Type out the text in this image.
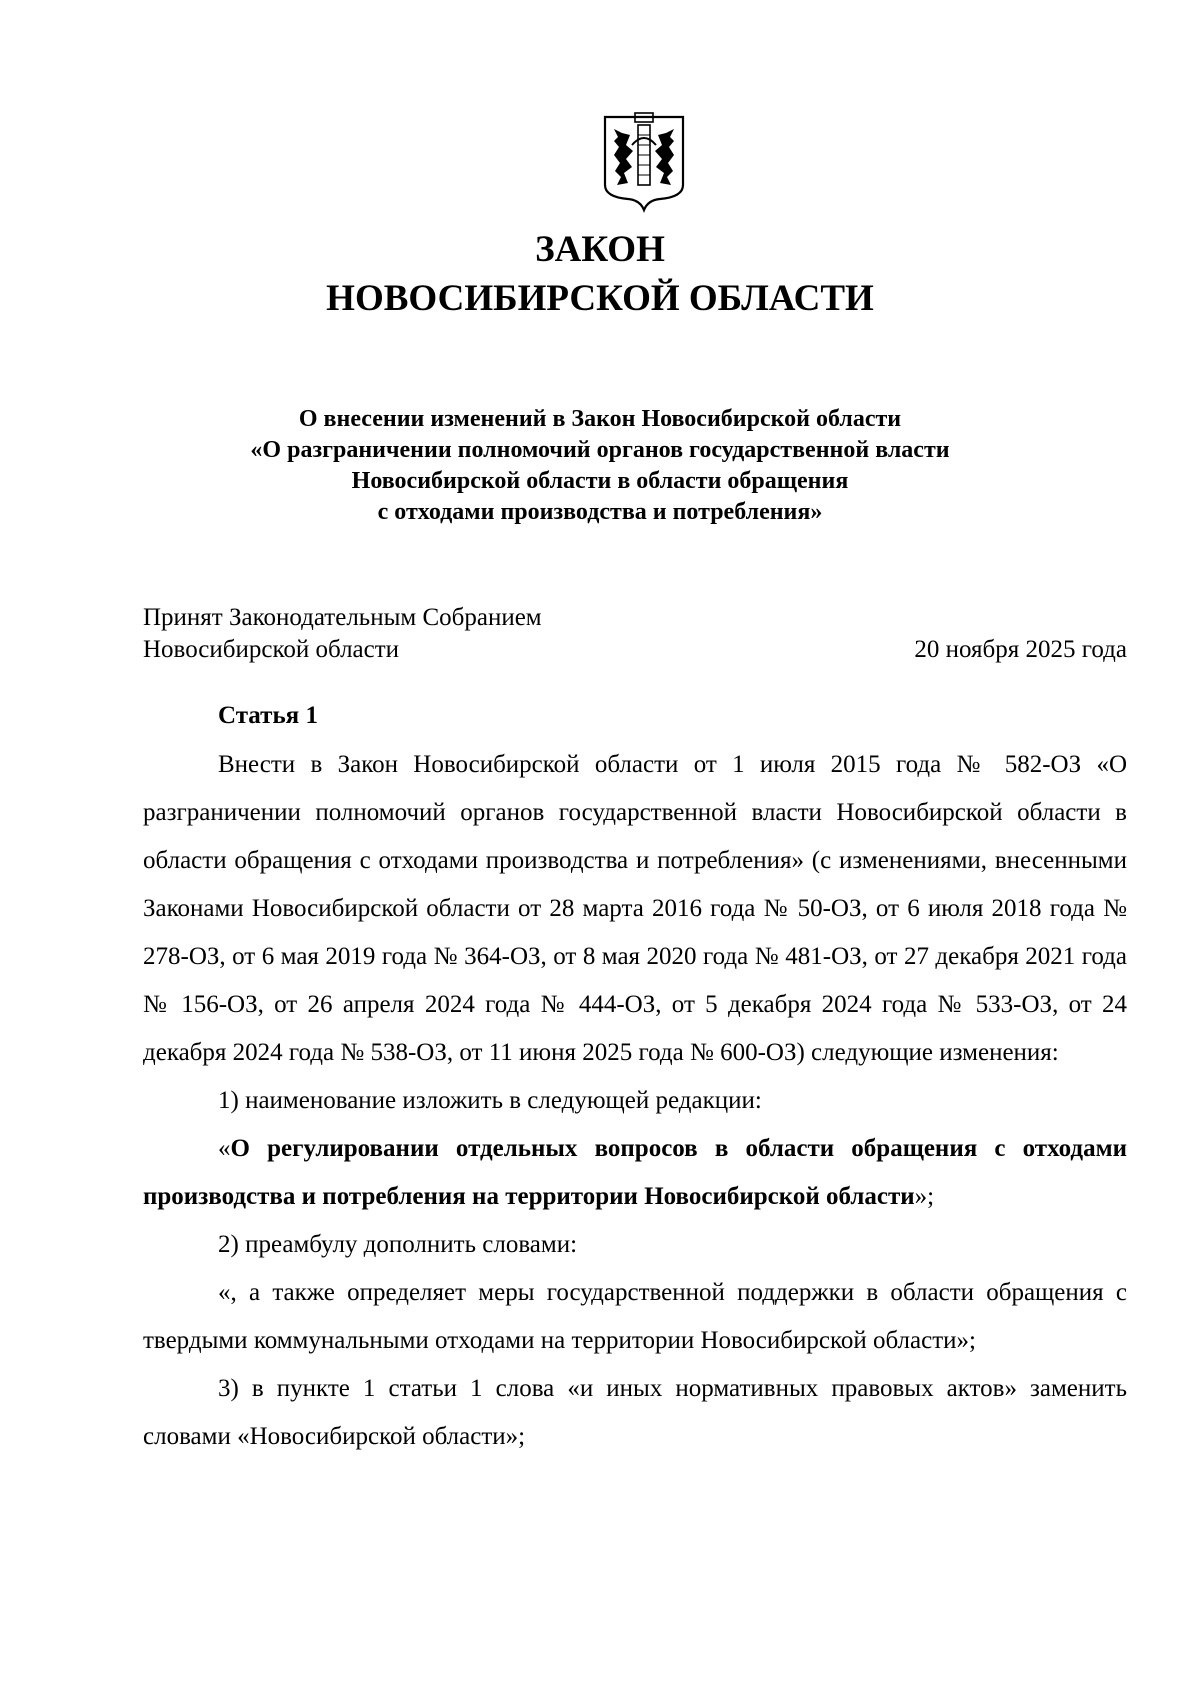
ЗАКОН
НОВОСИБИРСКОЙ ОБЛАСТИ
О внесении изменений в Закон Новосибирской области
«О разграничении полномочий органов государственной власти
Новосибирской области в области обращения
с отходами производства и потребления»
Принят Законодательным Собранием
Новосибирской области	20 ноября 2025 года
Статья 1

Внести в Закон Новосибирской области от 1 июля 2015 года № 582-ОЗ «О разграничении полномочий органов государственной власти Новосибирской области в области обращения с отходами производства и потребления» (с изменениями, внесенными Законами Новосибирской области от 28 марта 2016 года № 50-ОЗ, от 6 июля 2018 года № 278-ОЗ, от 6 мая 2019 года № 364-ОЗ, от 8 мая 2020 года № 481-ОЗ, от 27 декабря 2021 года № 156-ОЗ, от 26 апреля 2024 года № 444-ОЗ, от 5 декабря 2024 года № 533-ОЗ, от 24 декабря 2024 года № 538-ОЗ, от 11 июня 2025 года № 600-ОЗ) следующие изменения:

1) наименование изложить в следующей редакции:

«О регулировании отдельных вопросов в области обращения с отходами производства и потребления на территории Новосибирской области»;

2) преамбулу дополнить словами:

«, а также определяет меры государственной поддержки в области обращения с твердыми коммунальными отходами на территории Новосибирской области»;

3) в пункте 1 статьи 1 слова «и иных нормативных правовых актов» заменить словами «Новосибирской области»;
